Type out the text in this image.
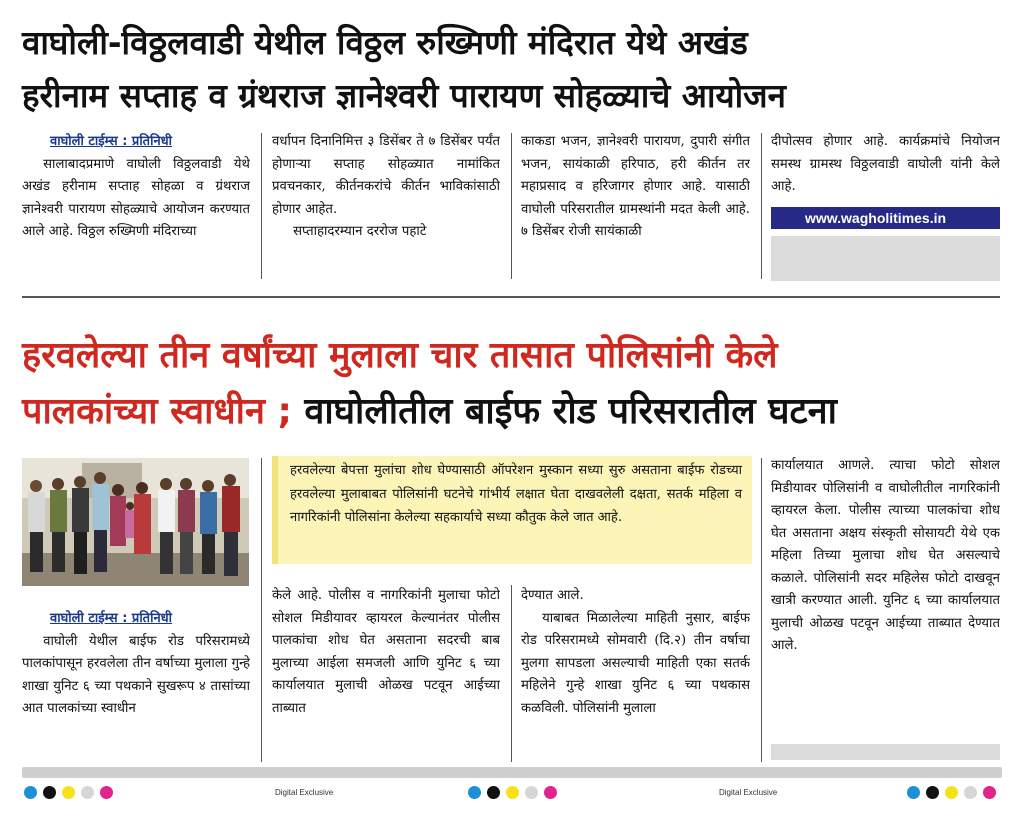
वाघोली-विठ्ठलवाडी येथील विठ्ठल रुख्मिणी मंदिरात येथे अखंड
हरीनाम सप्ताह व ग्रंथराज ज्ञानेश्वरी पारायण सोहळ्याचे आयोजन
वाघोली टाईम्स : प्रतिनिधी

सालाबादप्रमाणे वाघोली विठ्ठलवाडी येथे अखंड हरीनाम सप्ताह सोहळा व ग्रंथराज ज्ञानेश्वरी पारायण सोहळ्याचे आयोजन करण्यात आले आहे. विठ्ठल रुख्मिणी मंदिराच्या

वर्धापन दिनानिमित्त ३ डिसेंबर ते ७ डिसेंबर पर्यंत होणाऱ्या सप्ताह सोहळ्यात नामांकित प्रवचनकार, कीर्तनकरांचे कीर्तन भाविकांसाठी होणार आहेत.

सप्ताहादरम्यान दररोज पहाटे

काकडा भजन, ज्ञानेश्वरी पारायण, दुपारी संगीत भजन, सायंकाळी हरिपाठ, हरी कीर्तन तर महाप्रसाद व हरिजागर होणार आहे. यासाठी वाघोली परिसरातील ग्रामस्थांनी मदत केली आहे. ७ डिसेंबर रोजी सायंकाळी

दीपोत्सव होणार आहे. कार्यक्रमांचे नियोजन समस्थ ग्रामस्थ विठ्ठलवाडी वाघोली यांनी केले आहे.

www.wagholitimes.in
हरवलेल्या तीन वर्षांच्या मुलाला चार तासात पोलिसांनी केले
पालकांच्या स्वाधीन ; वाघोलीतील बाईफ रोड परिसरातील घटना
हरवलेल्या बेपत्ता मुलांचा शोध घेण्यासाठी ऑपरेशन मुस्कान सध्या सुरु असताना बाईफ रोडच्या हरवलेल्या मुलाबाबत पोलिसांनी घटनेचे गांभीर्य लक्षात घेता दाखवलेली दक्षता, सतर्क महिला व नागरिकांनी पोलिसांना केलेल्या सहकार्याचे सध्या कौतुक केले जात आहे.
वाघोली टाईम्स : प्रतिनिधी

वाघोली येथील बाईफ रोड परिसरामध्ये पालकांपासून हरवलेला तीन वर्षाच्या मुलाला गुन्हे शाखा युनिट ६ च्या पथकाने सुखरूप ४ तासांच्या आत पालकांच्या स्वाधीन

केले आहे. पोलीस व नागरिकांनी मुलाचा फोटो सोशल मिडीयावर व्हायरल केल्यानंतर पोलीस पालकांचा शोध घेत असताना सदरची बाब मुलाच्या आईला समजली आणि युनिट ६ च्या कार्यालयात मुलाची ओळख पटवून आईच्या ताब्यात

देण्यात आले.

याबाबत मिळालेल्या माहिती नुसार, बाईफ रोड परिसरामध्ये सोमवारी (दि.२) तीन वर्षाचा मुलगा सापडला असल्याची माहिती एका सतर्क महिलेने गुन्हे शाखा युनिट ६ च्या पथकास कळविली. पोलिसांनी मुलाला

कार्यालयात आणले. त्याचा फोटो सोशल मिडीयावर पोलिसांनी व वाघोलीतील नागरिकांनी व्हायरल केला. पोलीस त्याच्या पालकांचा शोध घेत असताना अक्षय संस्कृती सोसायटी येथे एक महिला तिच्या मुलाचा शोध घेत असल्याचे कळाले. पोलिसांनी सदर महिलेस फोटो दाखवून खात्री करण्यात आली. युनिट ६ च्या कार्यालयात मुलाची ओळख पटवून आईच्या ताब्यात देण्यात आले.

Digital Exclusive	Digital Exclusive
